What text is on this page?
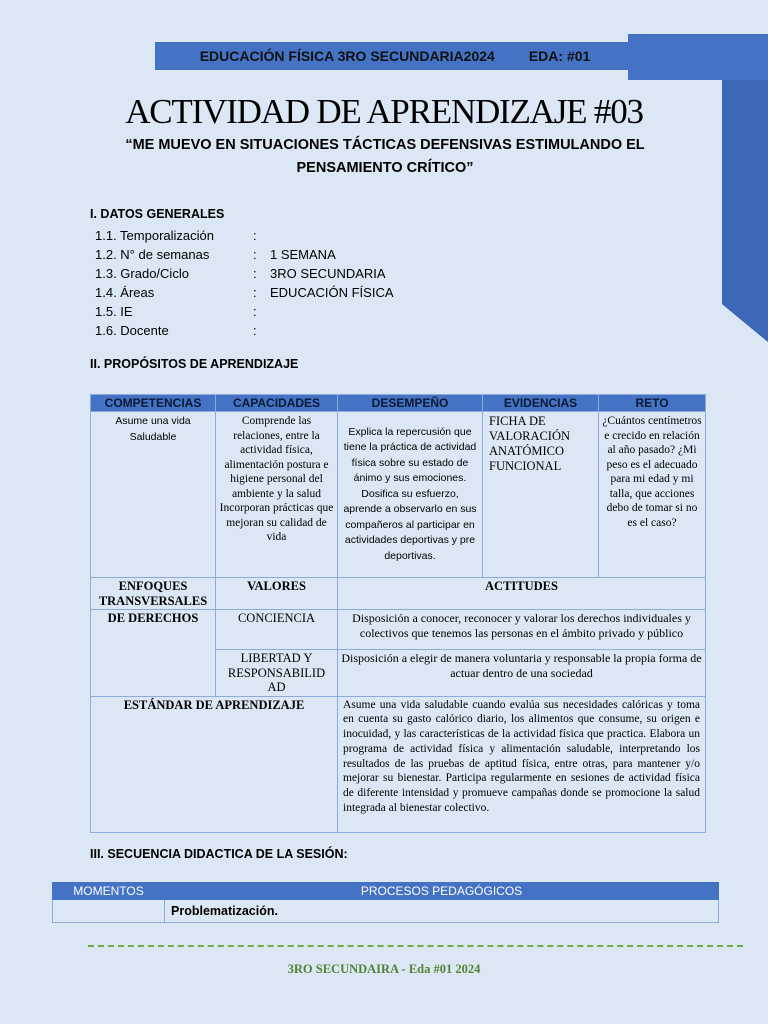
EDUCACIÓN FÍSICA 3RO SECUNDARIA2024 EDA: #01
ACTIVIDAD DE APRENDIZAJE #03
“ME MUEVO EN SITUACIONES TÁCTICAS DEFENSIVAS ESTIMULANDO EL
PENSAMIENTO CRÍTICO”
I. DATOS GENERALES
1.1. Temporalización	:
1.2. N° de semanas	:	1 SEMANA
1.3. Grado/Ciclo	:	3RO SECUNDARIA
1.4. Áreas	:	EDUCACIÓN FÍSICA
1.5. IE	:
1.6. Docente	:
II. PROPÓSITOS DE APRENDIZAJE
COMPETENCIAS	CAPACIDADES	DESEMPEÑO	EVIDENCIAS	RETO
Asume una vida Saludable	Comprende las relaciones, entre la actividad física, alimentación postura e higiene personal del ambiente y la salud Incorporan prácticas que mejoran su calidad de vida	Explica la repercusión que tiene la práctica de actividad física sobre su estado de ánimo y sus emociones. Dosifica su esfuerzo, aprende a observarlo en sus compañeros al participar en actividades deportivas y pre deportivas.	FICHA DE VALORACIÓN ANATÓMICO FUNCIONAL	¿Cuántos centímetros e crecido en relación al año pasado? ¿Mi peso es el adecuado para mi edad y mi talla, que acciones debo de tomar si no es el caso?
ENFOQUES TRANSVERSALES	VALORES	ACTITUDES		
DE DERECHOS	CONCIENCIA	Disposición a conocer, reconocer y valorar los derechos individuales y colectivos que tenemos las personas en el ámbito privado y público		
	LIBERTAD Y RESPONSABILID AD	Disposición a elegir de manera voluntaria y responsable la propia forma de actuar dentro de una sociedad		
ESTÁNDAR DE APRENDIZAJE		Asume una vida saludable cuando evalúa sus necesidades calóricas y toma en cuenta su gasto calórico diario, los alimentos que consume, su origen e inocuidad, y las características de la actividad física que practica. Elabora un programa de actividad física y alimentación saludable, interpretando los resultados de las pruebas de aptitud física, entre otras, para mantener y/o mejorar su bienestar. Participa regularmente en sesiones de actividad física de diferente intensidad y promueve campañas donde se promocione la salud integrada al bienestar colectivo.		
III. SECUENCIA DIDACTICA DE LA SESIÓN:
MOMENTOS	PROCESOS PEDAGÓGICOS
	Problematización.
3RO SECUNDAIRA - Eda #01 2024
